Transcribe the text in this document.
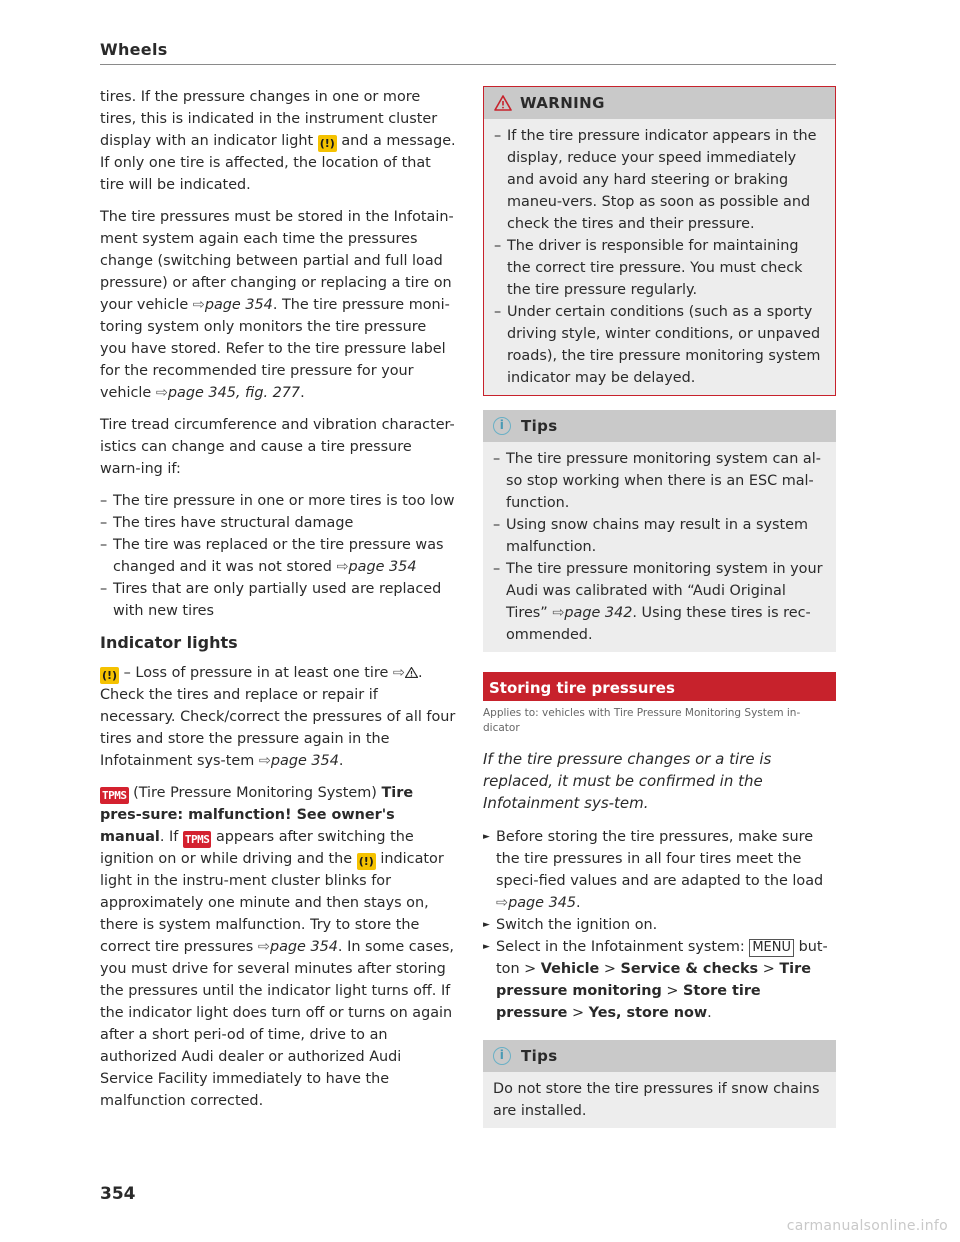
Wheels

tires. If the pressure changes in one or more tires, this is indicated in the instrument cluster display with an indicator light (!) and a message. If only one tire is affected, the location of that tire will be indicated.

The tire pressures must be stored in the Infotain-ment system again each time the pressures change (switching between partial and full load pressure) or after changing or replacing a tire on your vehicle ⇨page 354. The tire pressure moni-toring system only monitors the tire pressure you have stored. Refer to the tire pressure label for the recommended tire pressure for your vehicle ⇨page 345, fig. 277.

Tire tread circumference and vibration character-istics can change and cause a tire pressure warn-ing if:

– The tire pressure in one or more tires is too low
– The tires have structural damage
– The tire was replaced or the tire pressure was changed and it was not stored ⇨page 354
– Tires that are only partially used are replaced with new tires
Indicator lights

(!) – Loss of pressure in at least one tire ⇨ . Check the tires and replace or repair if necessary. Check/correct the pressures of all four tires and store the pressure again in the Infotainment sys-tem ⇨page 354.

TPMS (Tire Pressure Monitoring System) Tire pres-sure: malfunction! See owner's manual. If TPMS appears after switching the ignition on or while driving and the (!) indicator light in the instru-ment cluster blinks for approximately one minute and then stays on, there is system malfunction. Try to store the correct tire pressures ⇨page 354. In some cases, you must drive for several minutes after storing the pressures until the indicator light turns off. If the indicator light does turn off or turns on again after a short peri-od of time, drive to an authorized Audi dealer or authorized Audi Service Facility immediately to have the malfunction corrected.

WARNING
– If the tire pressure indicator appears in the display, reduce your speed immediately and avoid any hard steering or braking maneu-vers. Stop as soon as possible and check the tires and their pressure.
– The driver is responsible for maintaining the correct tire pressure. You must check the tire pressure regularly.
– Under certain conditions (such as a sporty driving style, winter conditions, or unpaved roads), the tire pressure monitoring system indicator may be delayed.
i	Tips
– The tire pressure monitoring system can al-so stop working when there is an ESC mal-function.
– Using snow chains may result in a system malfunction.
– The tire pressure monitoring system in your Audi was calibrated with “Audi Original Tires” ⇨page 342. Using these tires is rec-ommended.
Storing tire pressures
Applies to: vehicles with Tire Pressure Monitoring System in-dicator
If the tire pressure changes or a tire is replaced, it must be confirmed in the Infotainment sys-tem.
► Before storing the tire pressures, make sure the tire pressures in all four tires meet the speci-fied values and are adapted to the load ⇨page 345.
► Switch the ignition on.
► Select in the Infotainment system: MENU but-ton > Vehicle > Service & checks > Tire pressure monitoring > Store tire pressure > Yes, store now.
i	Tips
Do not store the tire pressures if snow chains are installed.
354
carmanualsonline.info
